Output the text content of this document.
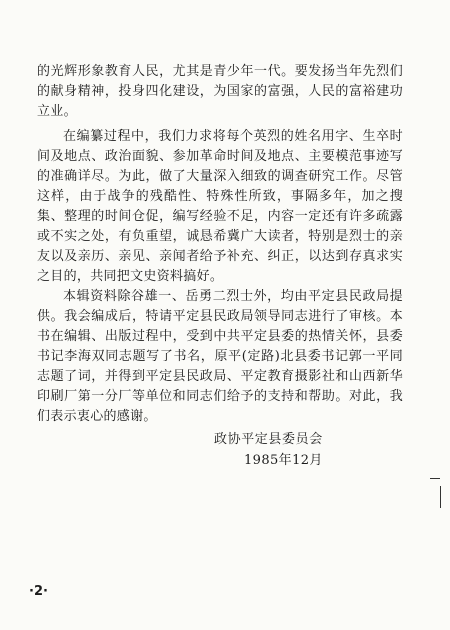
的光辉形象教育人民，尤其是青少年一代。要发扬当年先烈们的献身精神，投身四化建设，为国家的富强，人民的富裕建功立业。

在编纂过程中，我们力求将每个英烈的姓名用字、生卒时间及地点、政治面貌、参加革命时间及地点、主要模范事迹写的准确详尽。为此，做了大量深入细致的调查研究工作。尽管这样，由于战争的残酷性、特殊性所致，事隔多年，加之搜集、整理的时间仓促，编写经验不足，内容一定还有许多疏露或不实之处，有负重望，诚恳希冀广大读者，特别是烈士的亲友以及亲历、亲见、亲闻者给予补充、纠正，以达到存真求实之目的，共同把文史资料搞好。

本辑资料除谷雄一、岳勇二烈士外，均由平定县民政局提供。我会编成后，特请平定县民政局领导同志进行了审核。本书在编辑、出版过程中，受到中共平定县委的热情关怀，县委书记李海双同志题写了书名，原平(定路)北县委书记郭一平同志题了词，并得到平定县民政局、平定教育摄影社和山西新华印刷厂第一分厂等单位和同志们给予的支持和帮助。对此，我们表示衷心的感谢。

政协平定县委员会
1985年12月
·2·
